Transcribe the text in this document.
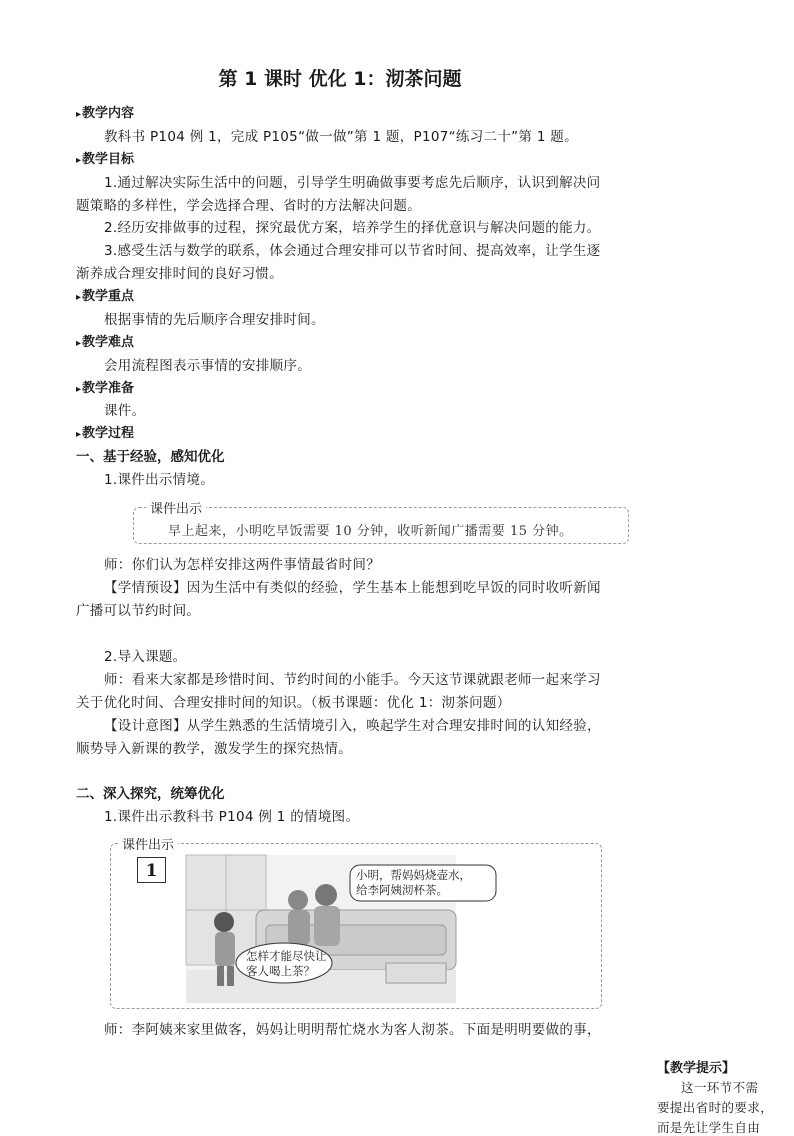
第 1 课时 优化 1：沏茶问题
▸ 教学内容
教科书 P104 例 1，完成 P105“做一做”第 1 题，P107“练习二十”第 1 题。
▸ 教学目标
1.通过解决实际生活中的问题，引导学生明确做事要考虑先后顺序，认识到解决问
题策略的多样性，学会选择合理、省时的方法解决问题。
2.经历安排做事的过程，探究最优方案，培养学生的择优意识与解决问题的能力。
3.感受生活与数学的联系，体会通过合理安排可以节省时间、提高效率，让学生逐
渐养成合理安排时间的良好习惯。
▸ 教学重点
根据事情的先后顺序合理安排时间。
▸ 教学难点
会用流程图表示事情的安排顺序。
▸ 教学准备
课件。
▸ 教学过程
一、基于经验，感知优化
1.课件出示情境。
课件出示
早上起来，小明吃早饭需要 10 分钟，收听新闻广播需要 15 分钟。
师：你们认为怎样安排这两件事情最省时间？
【学情预设】因为生活中有类似的经验，学生基本上能想到吃早饭的同时收听新闻
广播可以节约时间。
2.导入课题。
师：看来大家都是珍惜时间、节约时间的小能手。今天这节课就跟老师一起来学习
关于优化时间、合理安排时间的知识。（板书课题：优化 1：沏茶问题）
【设计意图】从学生熟悉的生活情境引入，唤起学生对合理安排时间的认知经验，
顺势导入新课的教学，激发学生的探究热情。
二、深入探究，统筹优化
1.课件出示教科书 P104 例 1 的情境图。
课件出示
1	小明，帮妈妈烧壶水，
给李阿姨沏杯茶。
怎样才能尽快让
客人喝上茶？
师：李阿姨来家里做客，妈妈让明明帮忙烧水为客人沏茶。下面是明明要做的事，
【教学提示】
这一环节不需
要提出省时的要求，
而是先让学生自由
